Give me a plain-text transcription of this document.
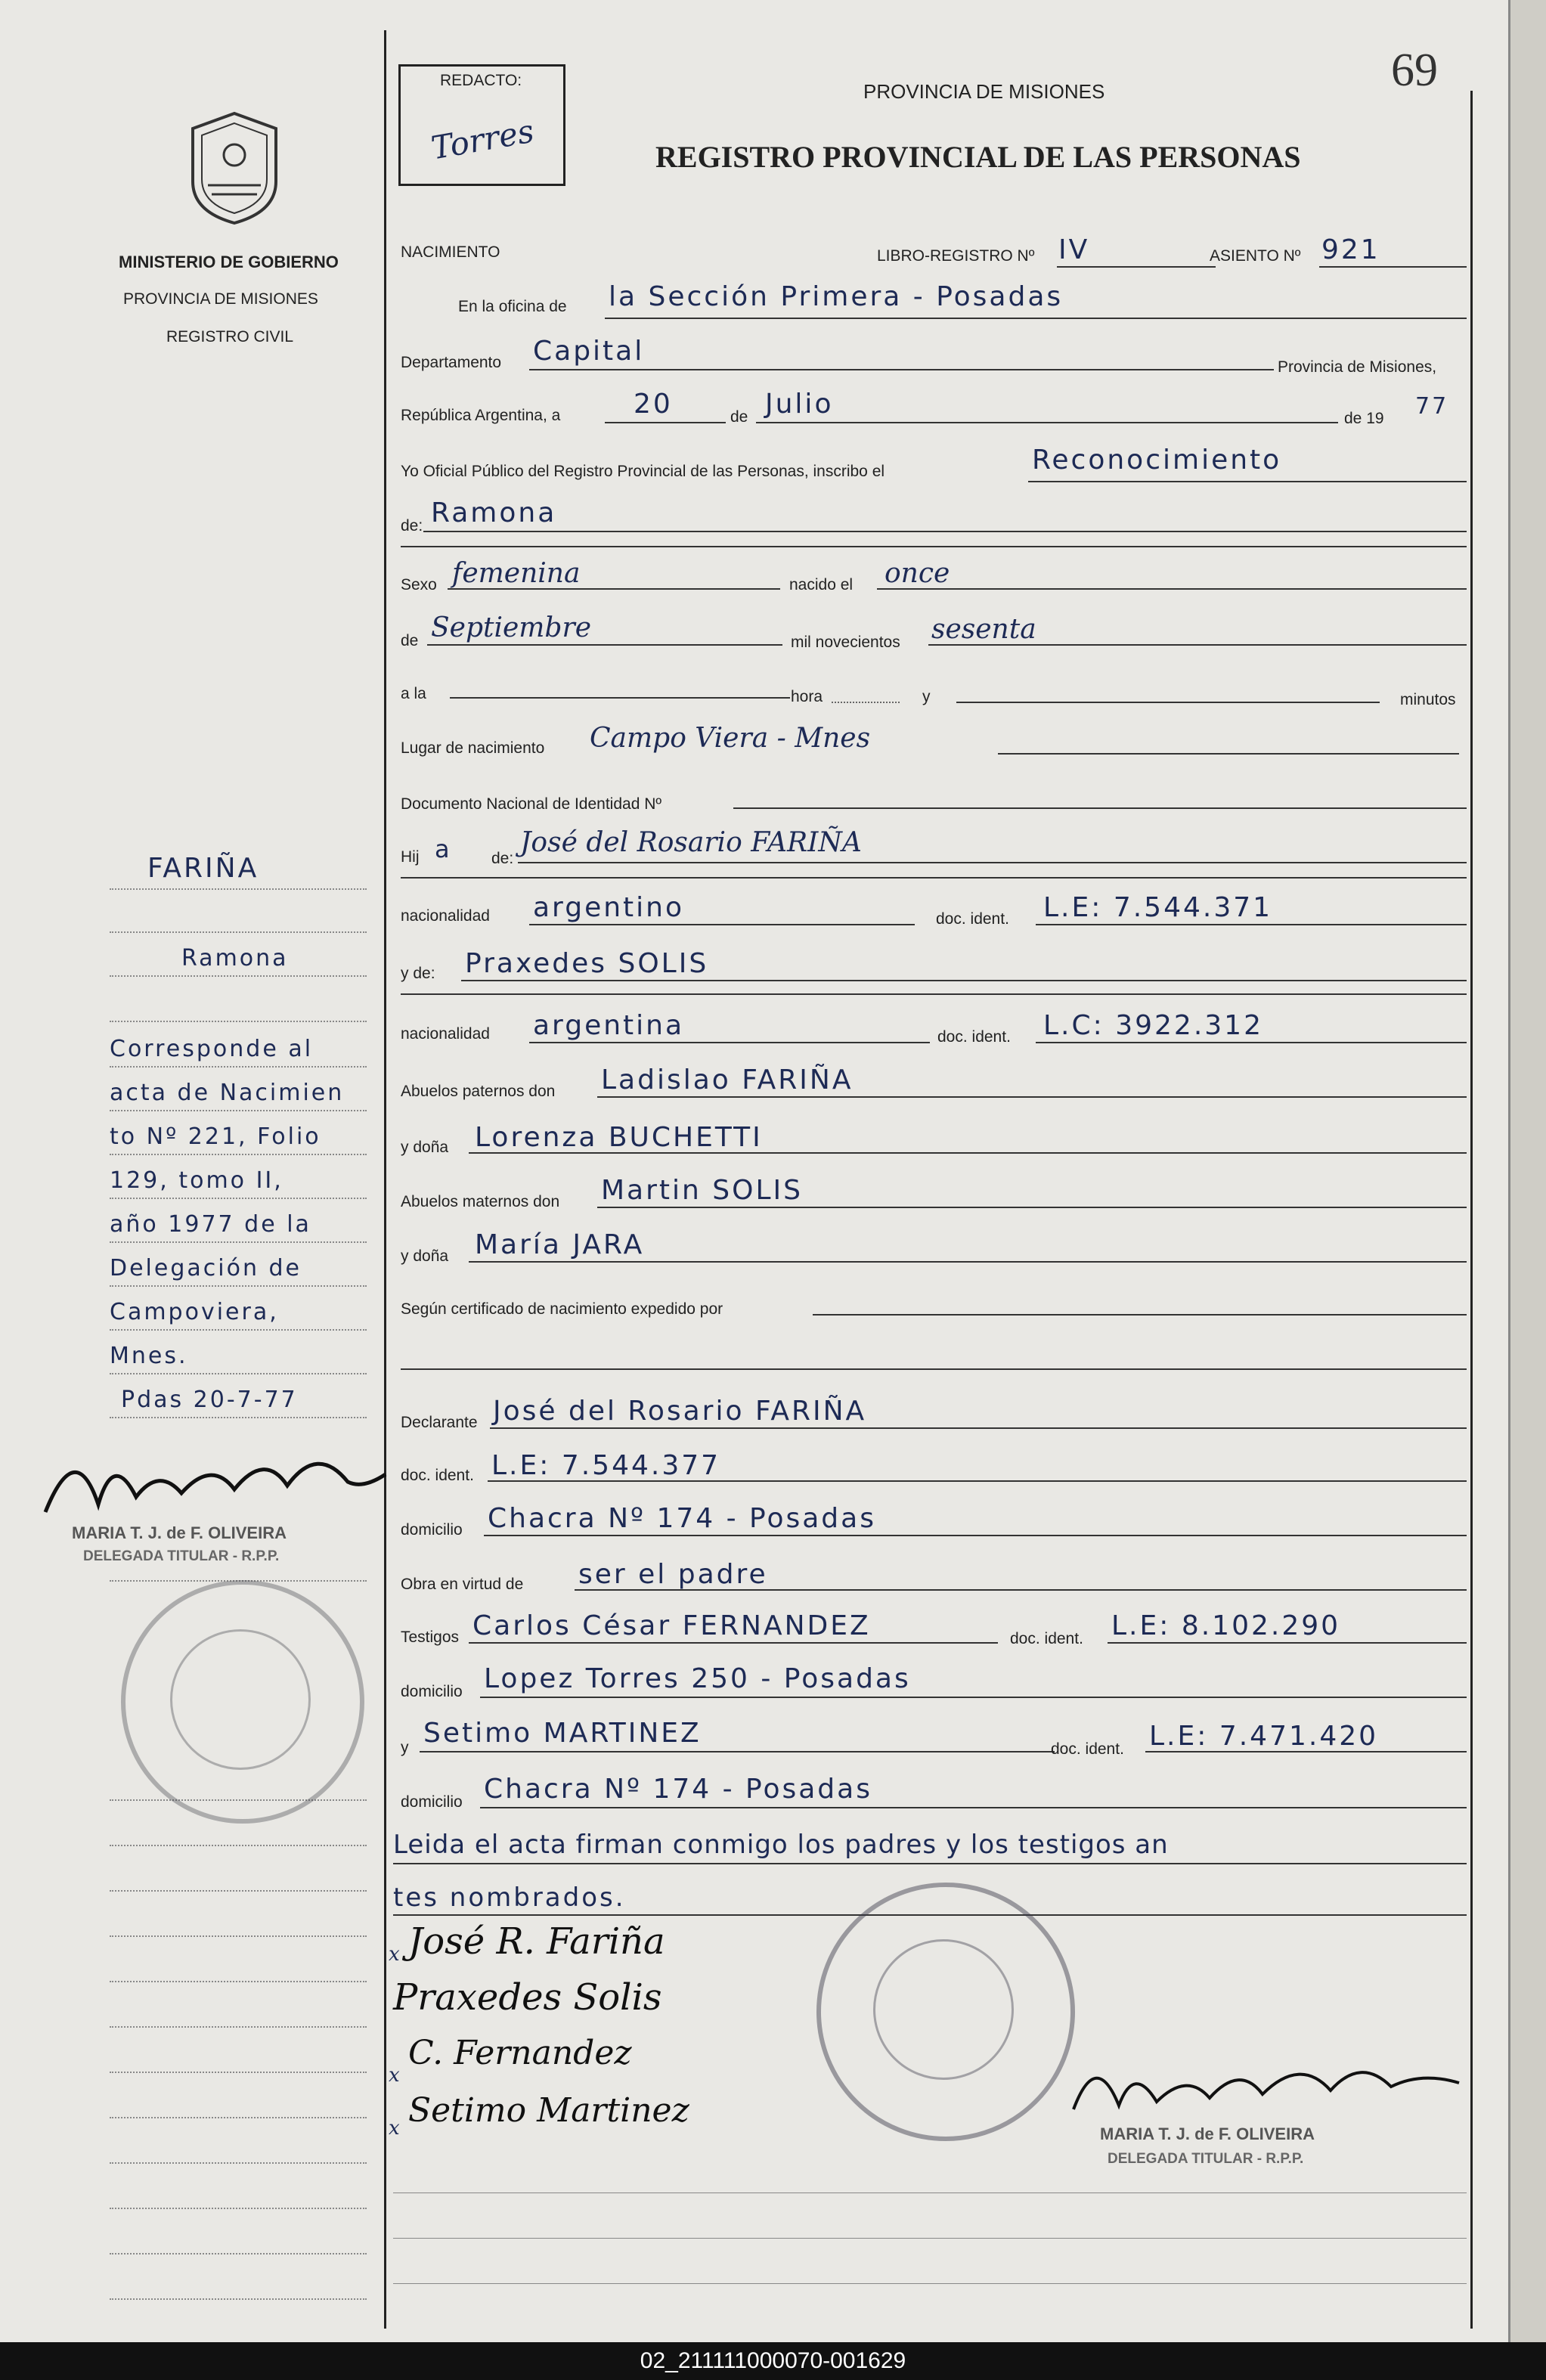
69
MINISTERIO DE GOBIERNO
PROVINCIA DE MISIONES
REGISTRO CIVIL
FARIÑA
Ramona
Corresponde al
acta de Nacimien
to Nº 221, Folio
129, tomo II,
año 1977 de la
Delegación de
Campoviera,
Mnes.
Pdas 20-7-77
MARIA T. J. de F. OLIVEIRA
DELEGADA TITULAR - R.P.P.
REDACTO:
Torres
PROVINCIA DE MISIONES
REGISTRO PROVINCIAL DE LAS PERSONAS
NACIMIENTO	LIBRO-REGISTRO Nº IV	ASIENTO Nº 921
En la oficina de la Sección Primera - Posadas
Departamento Capital
Provincia de Misiones,
República Argentina, a	20	de Julio	de 19 77
Yo Oficial Público del Registro Provincial de las Personas, inscribo el	Reconocimiento
de: Ramona
Sexo femenina	nacido el once
de Septiembre	mil novecientos sesenta
a la	hora	y	minutos
Lugar de nacimiento Campo Viera - Mnes
Documento Nacional de Identidad Nº
Hij a de:
José del Rosario FARIÑA
nacionalidad argentino	doc. ident. L.E: 7.544.371
y de: Praxedes SOLIS
nacionalidad argentina	doc. ident. L.C: 3922.312
Abuelos paternos don Ladislao FARIÑA
y doña Lorenza BUCHETTI
Abuelos maternos don Martin SOLIS
y doña María JARA
Según certificado de nacimiento expedido por
Declarante José del Rosario FARIÑA
doc. ident. L.E: 7.544.377
domicilio Chacra Nº 174 - Posadas
Obra en virtud de ser el padre
Testigos Carlos César FERNANDEZ	doc. ident. L.E: 8.102.290
domicilio Lopez Torres 250 - Posadas
y Setimo MARTINEZ
doc. ident. L.E: 7.471.420
domicilio Chacra Nº 174 - Posadas
Leida el acta firman conmigo los padres y los testigos an
tes nombrados.
x José R. Fariña
Praxedes Solis
x
C. Fernandez
x Setimo Martinez
MARIA T. J. de F. OLIVEIRA
DELEGADA TITULAR - R.P.P.
02_211111000070-001629
